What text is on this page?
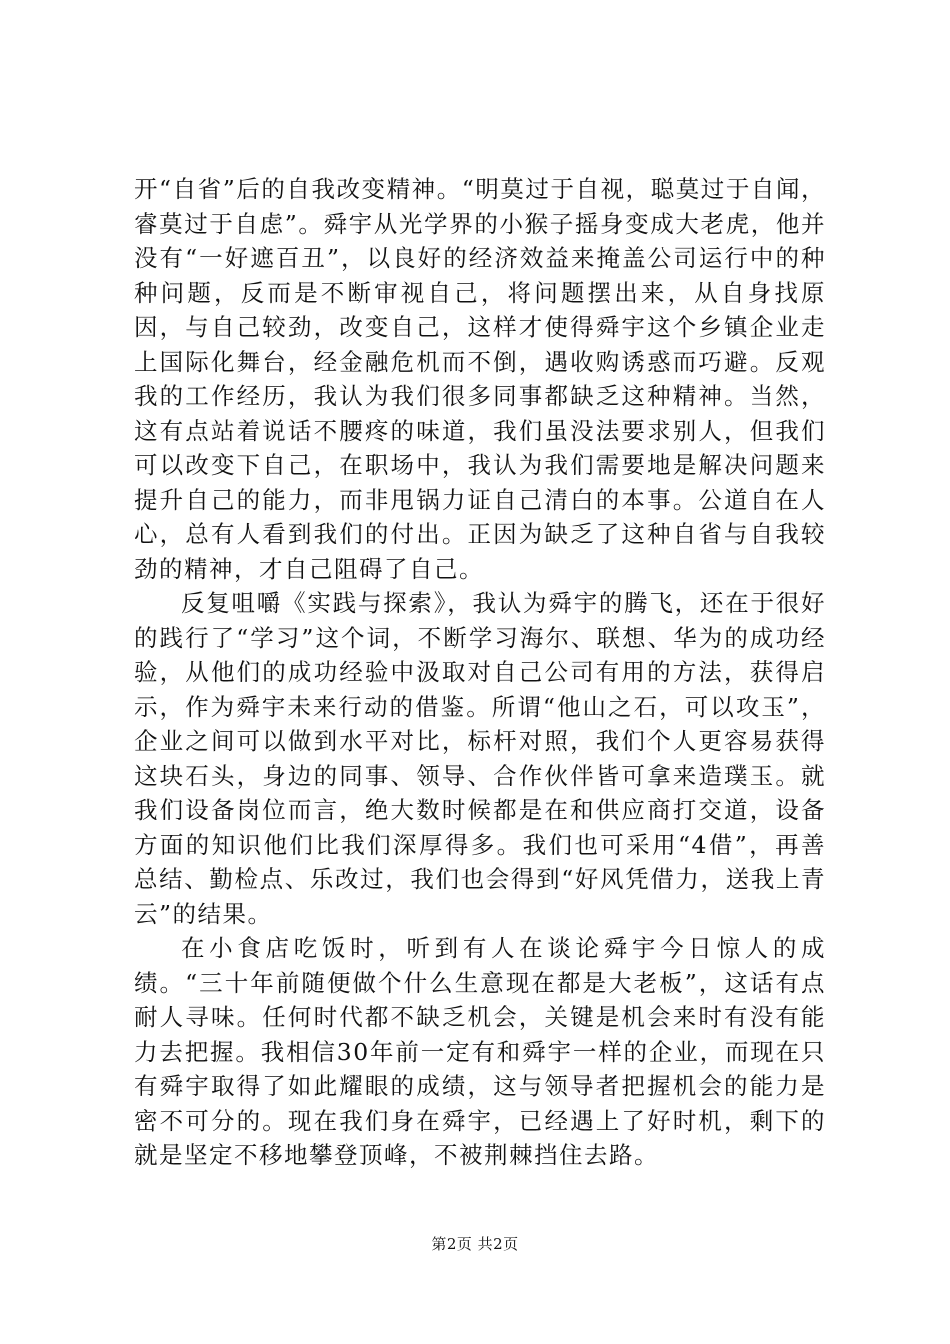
开“自省”后的自我改变精神。“明莫过于自视，聪莫过于自闻，睿莫过于自虑”。舜宇从光学界的小猴子摇身变成大老虎，他并没有“一好遮百丑”，以良好的经济效益来掩盖公司运行中的种种问题，反而是不断审视自己，将问题摆出来，从自身找原因，与自己较劲，改变自己，这样才使得舜宇这个乡镇企业走上国际化舞台，经金融危机而不倒，遇收购诱惑而巧避。反观我的工作经历，我认为我们很多同事都缺乏这种精神。当然，这有点站着说话不腰疼的味道，我们虽没法要求别人，但我们可以改变下自己，在职场中，我认为我们需要地是解决问题来提升自己的能力，而非甩锅力证自己清白的本事。公道自在人心，总有人看到我们的付出。正因为缺乏了这种自省与自我较劲的精神，才自己阻碍了自己。

反复咀嚼《实践与探索》，我认为舜宇的腾飞，还在于很好的践行了“学习”这个词，不断学习海尔、联想、华为的成功经验，从他们的成功经验中汲取对自己公司有用的方法，获得启示，作为舜宇未来行动的借鉴。所谓“他山之石，可以攻玉”，企业之间可以做到水平对比，标杆对照，我们个人更容易获得这块石头，身边的同事、领导、合作伙伴皆可拿来造璞玉。就我们设备岗位而言，绝大数时候都是在和供应商打交道，设备方面的知识他们比我们深厚得多。我们也可采用“4借”，再善总结、勤检点、乐改过，我们也会得到“好风凭借力，送我上青云”的结果。

在小食店吃饭时，听到有人在谈论舜宇今日惊人的成绩。“三十年前随便做个什么生意现在都是大老板”，这话有点耐人寻味。任何时代都不缺乏机会，关键是机会来时有没有能力去把握。我相信30年前一定有和舜宇一样的企业，而现在只有舜宇取得了如此耀眼的成绩，这与领导者把握机会的能力是密不可分的。现在我们身在舜宇，已经遇上了好时机，剩下的就是坚定不移地攀登顶峰，不被荆棘挡住去路。

第2页 共2页
